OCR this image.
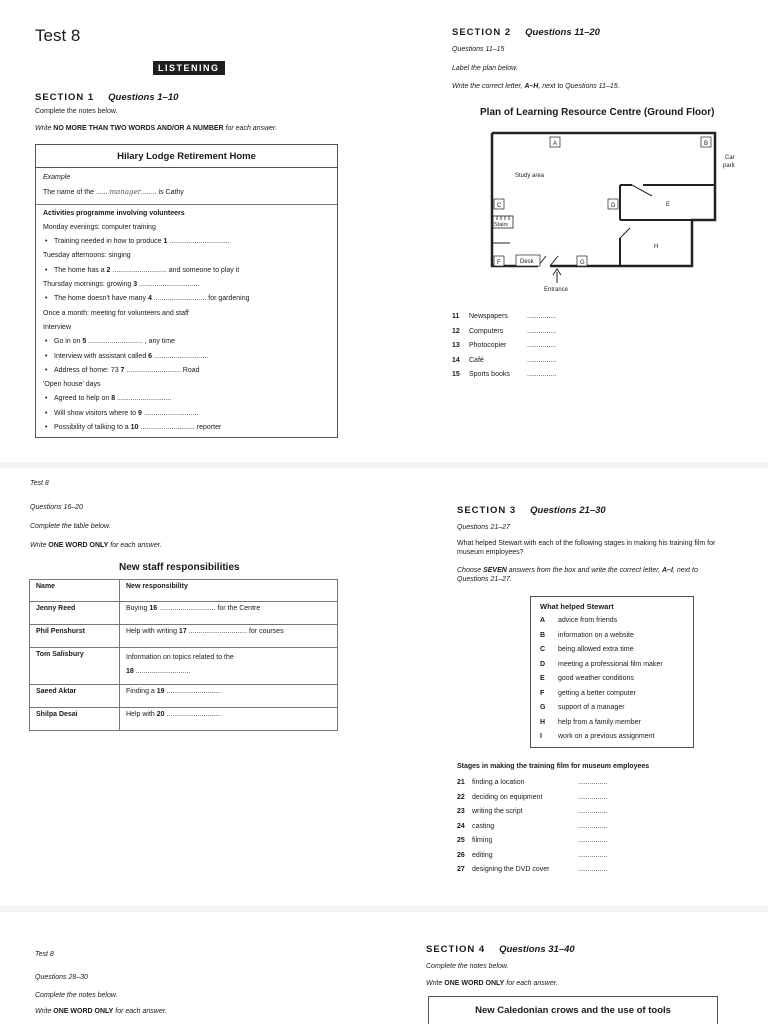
Test 8
LISTENING
SECTION 1 Questions 1–10
Complete the notes below.
Write NO MORE THAN TWO WORDS AND/OR A NUMBER for each answer.
Hilary Lodge Retirement Home
Example
The name of the .......manager........ is Cathy
Activities programme involving volunteers
Monday evenings: computer training
• Training needed in how to produce 1 ...............................
Tuesday afternoons: singing
• The home has a 2 ............................ and someone to play it
Thursday mornings: growing 3 ...............................
• The home doesn't have many 4 ........................... for gardening
Once a month: meeting for volunteers and staff
Interview
• Go in on 5 ............................ , any time
• Interview with assistant called 6 ............................
• Address of home: 73 7 ............................ Road
'Open house' days
• Agreed to help on 8 ............................
• Will show visitors where to 9 ............................
• Possibility of talking to a 10 ............................ reporter
SECTION 2 Questions 11–20
Questions 11–15
Label the plan below.
Write the correct letter, A–H, next to Questions 11–15.
Plan of Learning Resource Centre (Ground Floor)
A	B
C	D	E
F	G
H
Study area
Car
park
Stairs
Desk
Entrance
11 Newspapers	...............
12 Computers	...............
13 Photocopier	...............
14 Café	...............
15 Sports books ...............
Test 8
Questions 16–20
Complete the table below.
Write ONE WORD ONLY for each answer.
New staff responsibilities
Name	New responsibility
Jenny Reed	Buying 16 ............................. for the Centre
Phil Penshurst	Help with writing 17 .............................. for courses
Tom Salisbury	Information on topics related to the
18 ............................

Saeed Aktar	Finding a 19 ............................
Shilpa Desai	Help with 20 ............................
SECTION 3 Questions 21–30
Questions 21–27
What helped Stewart with each of the following stages in making his training film for
museum employees?
Choose SEVEN answers from the box and write the correct letter, A–I, next to
Questions 21–27.
What helped Stewart
A advice from friends
B information on a website
C being allowed extra time
D meeting a professional film maker
E good weather conditions
F getting a better computer
G support of a manager
H help from a family member
I work on a previous assignment
Stages in making the training film for museum employees
21 finding a location	...............
22 deciding on equipment	...............
23 writing the script	...............
24 casting	...............
25 filming	...............
26 editing	...............
27 designing the DVD cover	...............
Test 8
Questions 28–30
Complete the notes below.
Write ONE WORD ONLY for each answer.
SECTION 4 Questions 31–40
Complete the notes below.
Write ONE WORD ONLY for each answer.
New Caledonian crows and the use of tools
